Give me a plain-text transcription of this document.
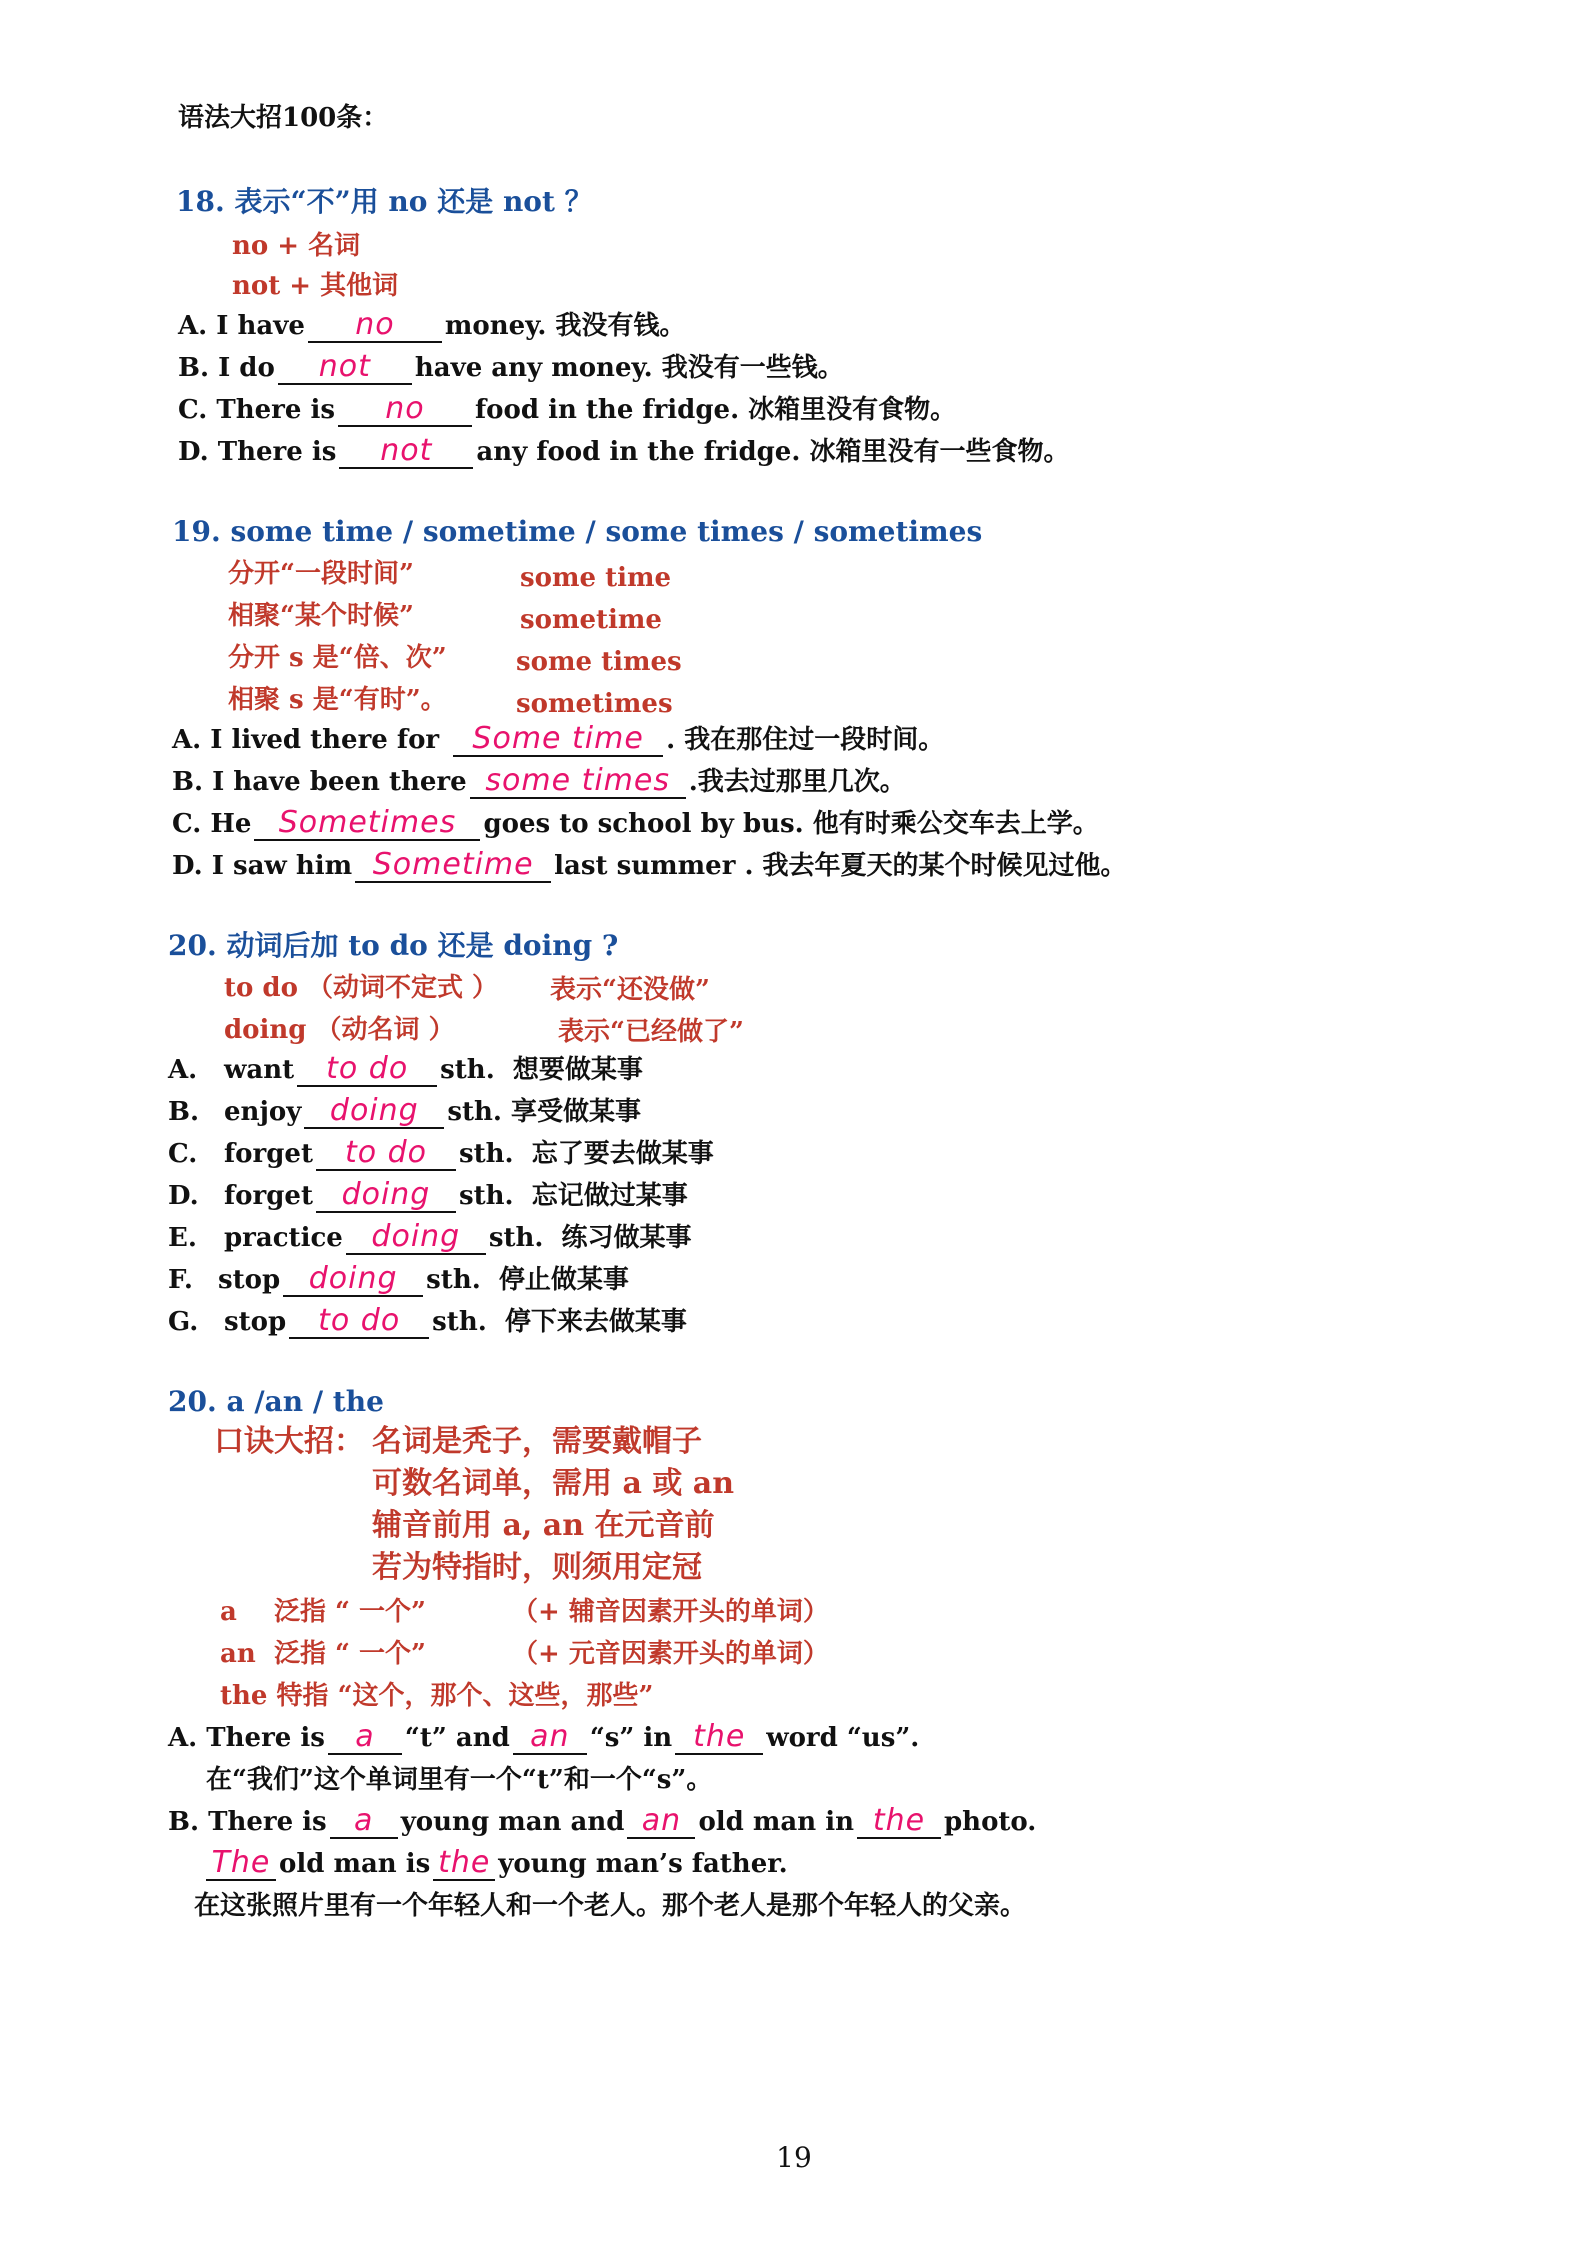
语法大招100条：
18. 表示“不”用 no 还是 not ？
no + 名词
not + 其他词
A. I have no money. 我没有钱。
B. I do not have any money. 我没有一些钱。
C. There is no food in the fridge. 冰箱里没有食物。
D. There is not any food in the fridge. 冰箱里没有一些食物。
19. some time / sometime / some times / sometimes
分开“一段时间”	some time
相聚“某个时候”	sometime
分开 s 是“倍、次”	some times
相聚 s 是“有时”。	sometimes
A. I lived there for Some time . 我在那住过一段时间。
B. I have been there some times .我去过那里几次。
C. He Sometimes goes to school by bus. 他有时乘公交车去上学。
D. I saw him Sometime last summer . 我去年夏天的某个时候见过他。
20. 动词后加 to do 还是 doing ?
to do （动词不定式 ） 表示“还没做”
doing （动名词 ）	表示“已经做了”
A. want to do sth. 想要做某事
B. enjoy doing sth. 享受做某事
C. forget to do sth. 忘了要去做某事
D. forget doing sth. 忘记做过某事
E. practice doing sth. 练习做某事
F. stop doing sth. 停止做某事
G. stop to do sth. 停下来去做某事
20. a /an / the
口诀大招： 名词是秃子，需要戴帽子
可数名词单，需用 a 或 an
辅音前用 a, an 在元音前
若为特指时，则须用定冠
a 泛指 “ 一个”	（+ 辅音因素开头的单词）
an 泛指 “ 一个”	（+ 元音因素开头的单词）
the 特指 “这个，那个、这些，那些”
A. There is a “t” and an “s” in the word “us”.
在“我们”这个单词里有一个“t”和一个“s”。
B. There is a young man and an old man in the photo.
The old man is the young man’s father.
在这张照片里有一个年轻人和一个老人。那个老人是那个年轻人的父亲。
19
